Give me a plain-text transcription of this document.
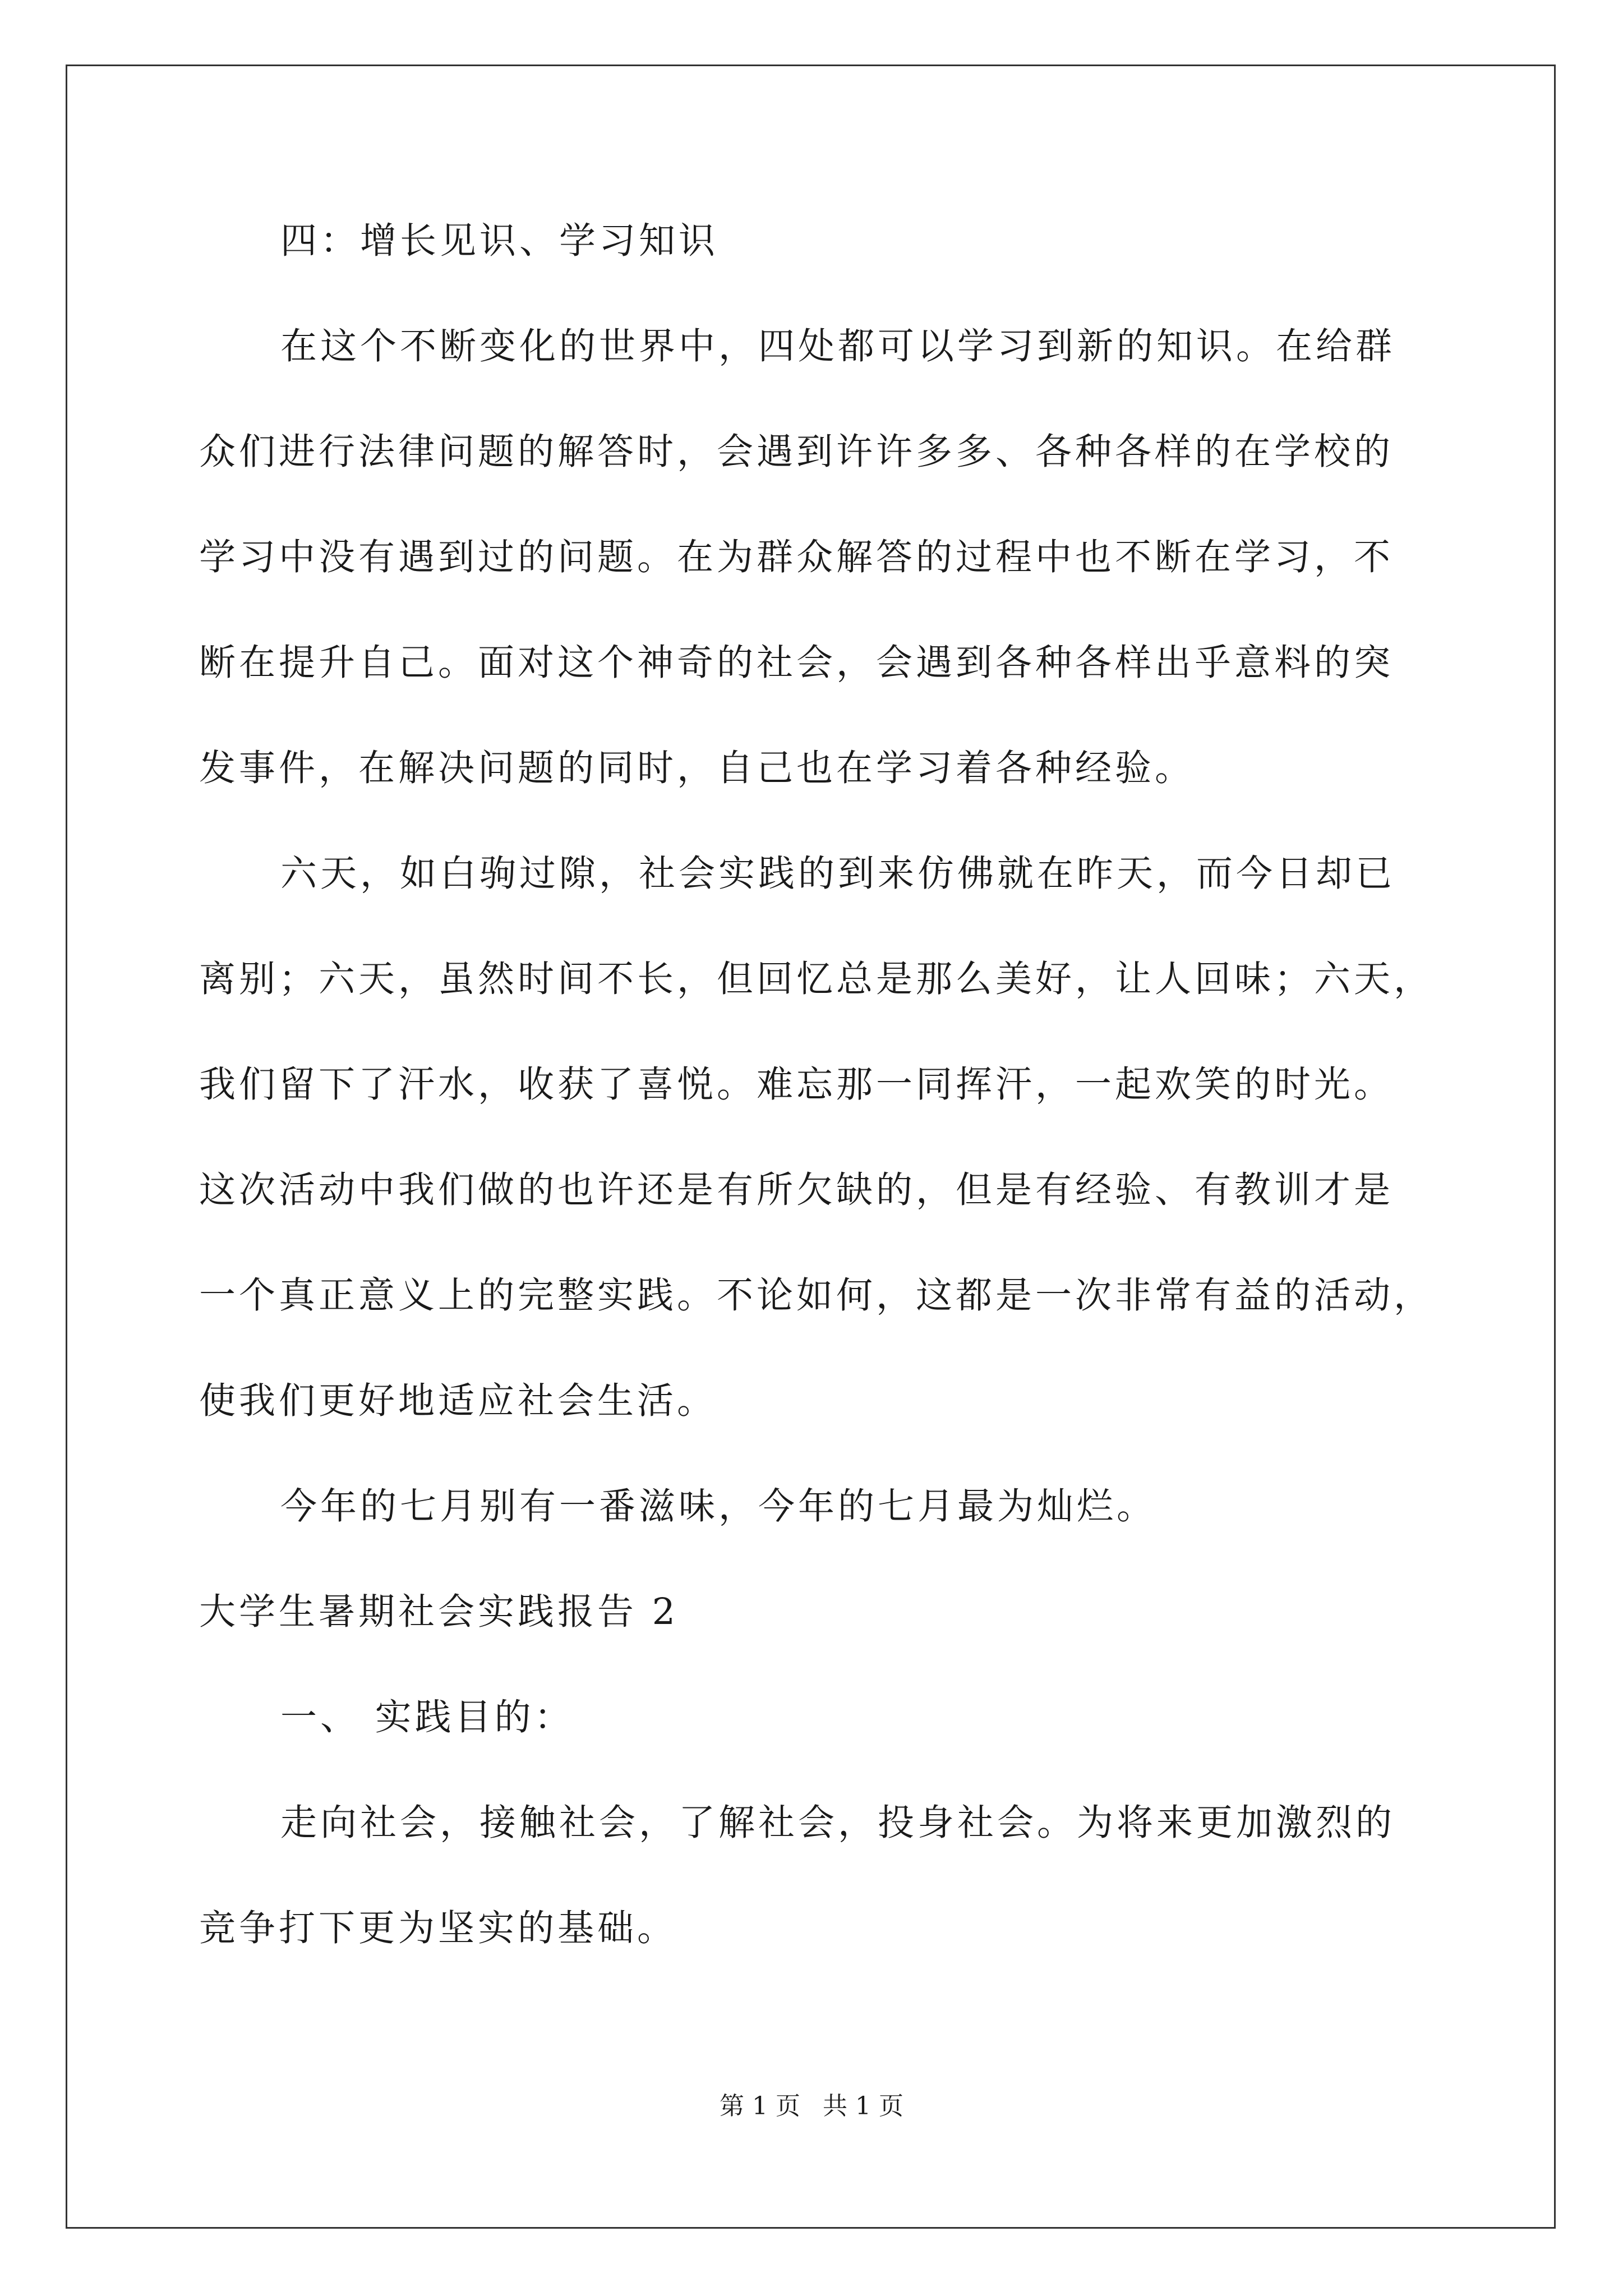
四：增长见识、学习知识

在这个不断变化的世界中，四处都可以学习到新的知识。在给群

众们进行法律问题的解答时，会遇到许许多多、各种各样的在学校的

学习中没有遇到过的问题。在为群众解答的过程中也不断在学习，不

断在提升自己。面对这个神奇的社会，会遇到各种各样出乎意料的突

发事件，在解决问题的同时，自己也在学习着各种经验。

六天，如白驹过隙，社会实践的到来仿佛就在昨天，而今日却已

离别；六天，虽然时间不长，但回忆总是那么美好，让人回味；六天，

我们留下了汗水，收获了喜悦。难忘那一同挥汗，一起欢笑的时光。

这次活动中我们做的也许还是有所欠缺的，但是有经验、有教训才是

一个真正意义上的完整实践。不论如何，这都是一次非常有益的活动，

使我们更好地适应社会生活。

今年的七月别有一番滋味，今年的七月最为灿烂。

大学生暑期社会实践报告 2

一、 实践目的：

走向社会，接触社会，了解社会，投身社会。为将来更加激烈的

竞争打下更为坚实的基础。

第 1 页 共 1 页
